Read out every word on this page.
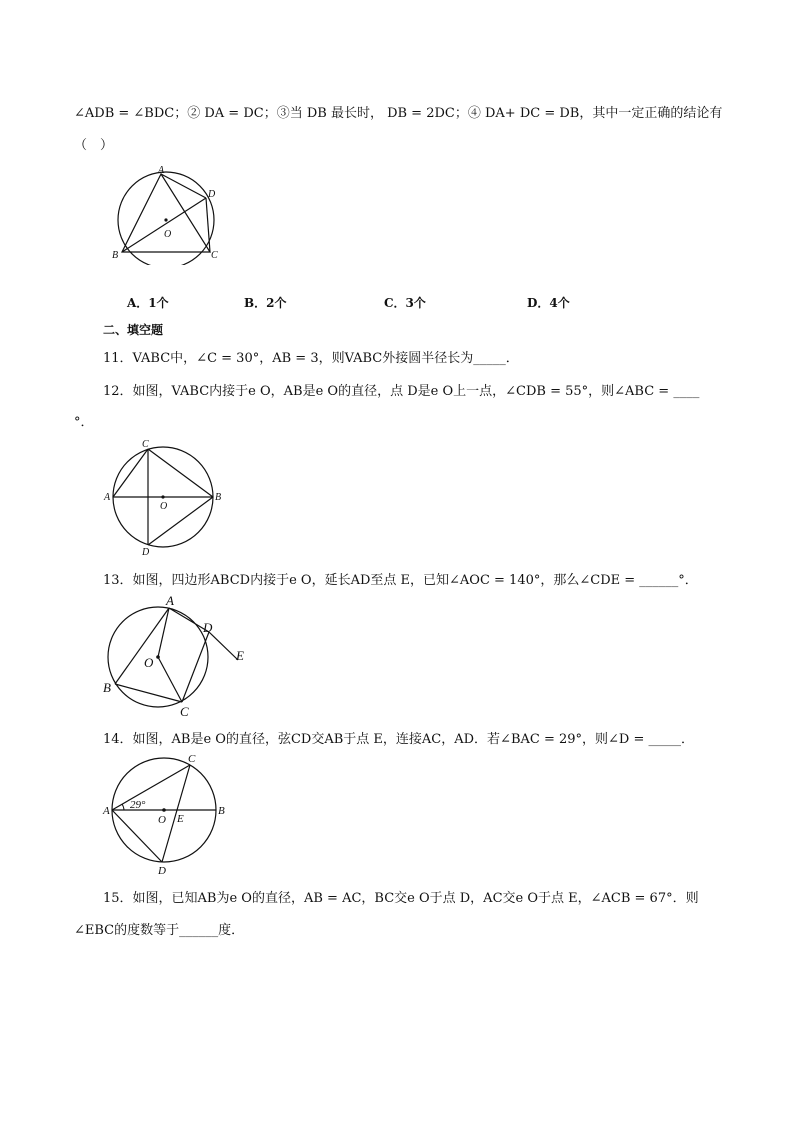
∠ADB = ∠BDC；② DA = DC；③当 DB 最长时， DB = 2DC；④ DA+ DC = DB，其中一定正确的结论有
（　）
A
D
B	C
O
A．1个	B．2个	C．3个	D．4个
二、填空题
11．VABC中，∠C = 30°，AB = 3，则VABC外接圆半径长为_____．
12．如图，VABC内接于e O，AB是e O的直径，点 D是e O上一点，∠CDB = 55°，则∠ABC = ____
°．
C
A	B
O
D
13．如图，四边形ABCD内接于e O，延长AD至点 E，已知∠AOC = 140°，那么∠CDE = ______°．
A
D
E
O
B
C
14．如图，AB是e O的直径，弦CD交AB于点 E，连接AC，AD．若∠BAC = 29°，则∠D = _____．
29°
A	B
C
O E
D
15．如图，已知AB为e O的直径，AB = AC，BC交e O于点 D，AC交e O于点 E，∠ACB = 67°．则
∠EBC的度数等于______度．
